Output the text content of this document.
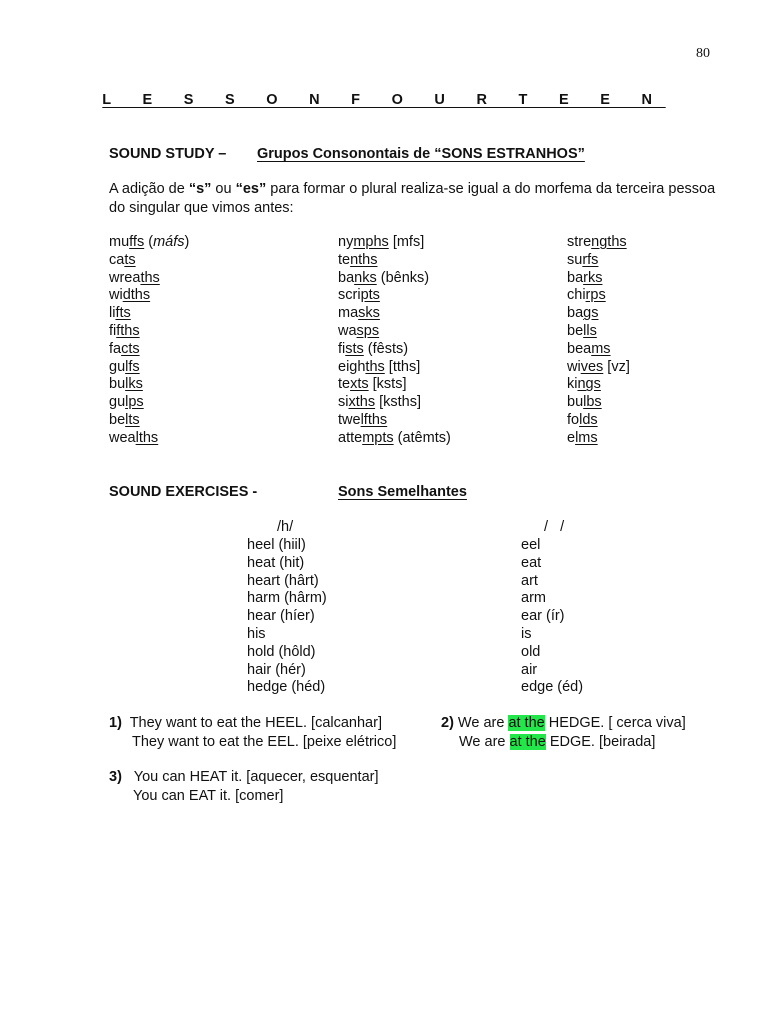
80
L E S S O N F O U R T E E N
SOUND STUDY – Grupos Consonontais de “SONS ESTRANHOS”
A adição de “s” ou “es” para formar o plural realiza-se igual a do morfema da terceira pessoa do singular que vimos antes:
muffs (máfs)
cats
wreaths
widths
lifts
fifths
facts
gulfs
bulks
gulps
belts
wealths
nymphs [mfs]
tenths
banks (bênks)
scripts
masks
wasps
fists (fêsts)
eighths [tths]
texts [ksts]
sixths [ksths]
twelfths
attempts (atêmts)
strengths
surfs
barks
chirps
bags
bells
beams
wives [vz]
kings
bulbs
folds
elms
SOUND EXERCISES -	Sons Semelhantes
/h/	/   /
heel (hiil)
heat (hit)
heart (hârt)
harm (hârm)
hear (híer)
his
hold (hôld)
hair (hér)
hedge (héd)
eel
eat
art
arm
ear (ír)
is
old
air
edge (éd)
1)  They want to eat the HEEL. [calcanhar]
They want to eat the EEL. [peixe elétrico]
2) We are at the HEDGE. [ cerca viva]
We are at the EDGE. [beirada]
3)   You can HEAT it. [aquecer, esquentar]
You can EAT it. [comer]
